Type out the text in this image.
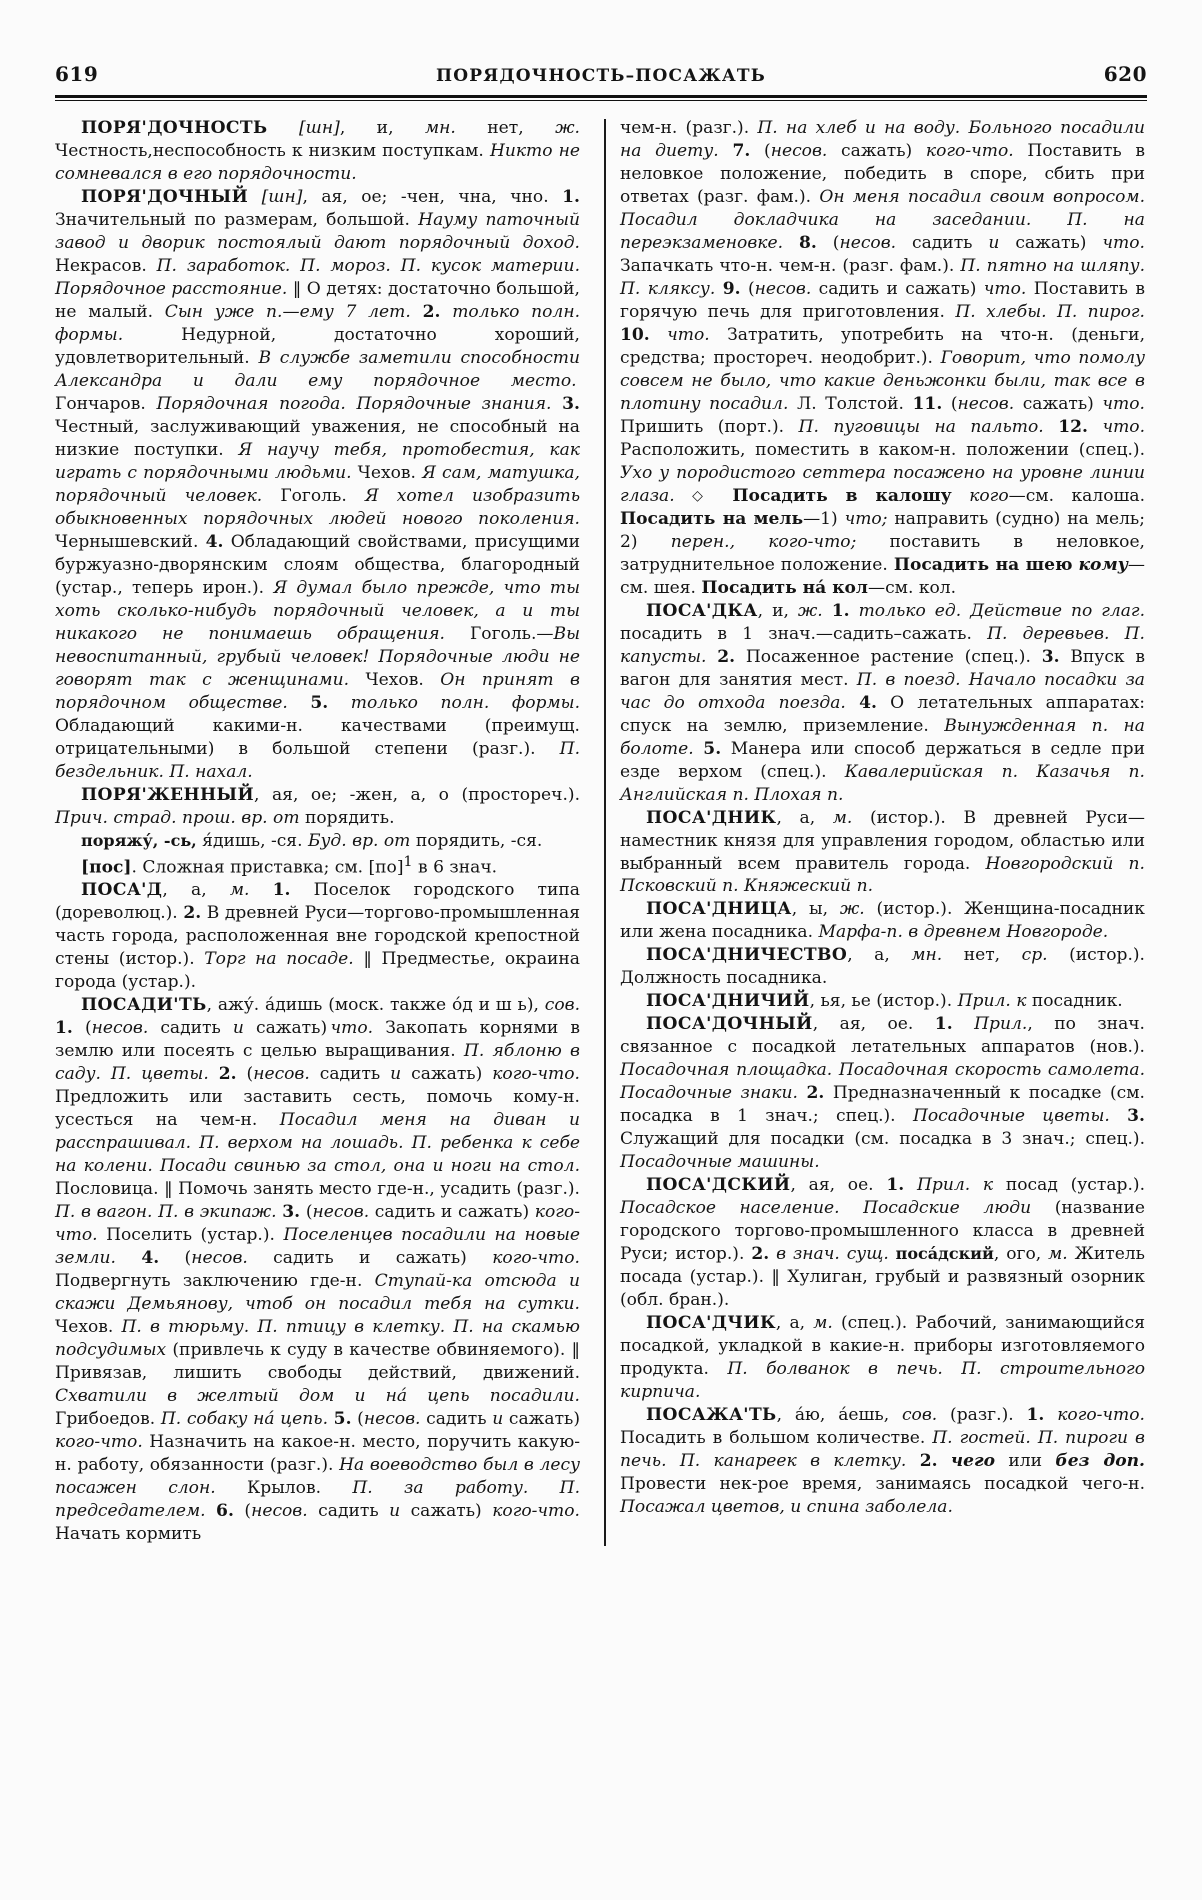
619	ПОРЯДОЧНОСТЬ–ПОСАЖАТЬ	620

ПОРЯ'ДОЧНОСТЬ [шн], и, мн. нет, ж. Честность,неспособность к низким поступкам. Никто не сомневался в его порядочности.

ПОРЯ'ДОЧНЫЙ [шн], ая, ое; -чен, чна, чно. 1. Значительный по размерам, большой. Науму паточный завод и дворик постоялый дают порядочный доход. Некрасов. П. заработок. П. мороз. П. кусок материи. Порядочное расстояние. ‖ О детях: достаточно большой, не малый. Сын уже п.—ему 7 лет. 2. только полн. формы. Недурной, достаточно хороший, удовлетворительный. В службе заметили способности Александра и дали ему порядочное место. Гончаров. Порядочная погода. Порядочные знания. 3. Честный, заслуживающий уважения, не способный на низкие поступки. Я научу тебя, протобестия, как играть с порядочными людьми. Чехов. Я сам, матушка, порядочный человек. Гоголь. Я хотел изобразить обыкновенных порядочных людей нового поколения. Чернышевский. 4. Обладающий свойствами, присущими буржуазно-дворянским слоям общества, благородный (устар., теперь ирон.). Я думал было прежде, что ты хоть сколько-нибудь порядочный человек, а и ты никакого не понимаешь обращения. Гоголь.—Вы невоспитанный, грубый человек! Порядочные люди не говорят так с женщинами. Чехов. Он принят в порядочном обществе. 5. только полн. формы. Обладающий какими-н. качествами (преимущ. отрицательными) в большой степени (разг.). П. бездельник. П. нахал.

ПОРЯ'ЖЕННЫЙ, ая, ое; -жен, а, о (простореч.). Прич. страд. прош. вр. от порядить.

поряжу́, -сь, я́дишь, -ся. Буд. вр. от порядить, -ся.

[пос]. Сложная приставка; см. [по]$^1$ в 6 знач.

ПОСА'Д, а, м. 1. Поселок городского типа (дореволюц.). 2. В древней Руси—торгово-промышленная часть города, расположенная вне городской крепостной стены (истор.). Торг на посаде. ‖ Предместье, окраина города (устар.).

ПОСАДИ'ТЬ, ажу́. а́дишь (моск. также о́д и ш ь), сов. 1. (несов. садить и сажать) что. Закопать корнями в землю или посеять с целью выращивания. П. яблоню в саду. П. цветы. 2. (несов. садить и сажать) кого-что. Предложить или заставить сесть, помочь кому-н. усесться на чем-н. Посадил меня на диван и расспрашивал. П. верхом на лошадь. П. ребенка к себе на колени. Посади свинью за стол, она и ноги на стол. Пословица. ‖ Помочь занять место где-н., усадить (разг.). П. в вагон. П. в экипаж. 3. (несов. садить и сажать) кого-что. Поселить (устар.). Поселенцев посадили на новые земли. 4. (несов. садить и сажать) кого-что. Подвергнуть заключению где-н. Ступай-ка отсюда и скажи Демьянову, чтоб он посадил тебя на сутки. Чехов. П. в тюрьму. П. птицу в клетку. П. на скамью подсудимых (привлечь к суду в качестве обвиняемого). ‖ Привязав, лишить свободы действий, движений. Схватили в желтый дом и на́ цепь посадили. Грибоедов. П. собаку на́ цепь. 5. (несов. садить и сажать) кого-что. Назначить на какое-н. место, поручить какую-н. работу, обязанности (разг.). На воеводство был в лесу посажен слон. Крылов. П. за работу. П. председателем. 6. (несов. садить и сажать) кого-что. Начать кормить

чем-н. (разг.). П. на хлеб и на воду. Больного посадили на диету. 7. (несов. сажать) кого-что. Поставить в неловкое положение, победить в споре, сбить при ответах (разг. фам.). Он меня посадил своим вопросом. Посадил докладчика на заседании. П. на переэкзаменовке. 8. (несов. садить и сажать) что. Запачкать что-н. чем-н. (разг. фам.). П. пятно на шляпу. П. кляксу. 9. (несов. садить и сажать) что. Поставить в горячую печь для приготовления. П. хлебы. П. пирог. 10. что. Затратить, употребить на что-н. (деньги, средства; простореч. неодобрит.). Говорит, что помолу совсем не было, что какие деньжонки были, так все в плотину посадил. Л. Толстой. 11. (несов. сажать) что. Пришить (порт.). П. пуговицы на пальто. 12. что. Расположить, поместить в каком-н. положении (спец.). Ухо у породистого сеттера посажено на уровне линии глаза. ◇ Посадить в калошу кого—см. калоша. Посадить на мель—1) что; направить (судно) на мель; 2) перен., кого-что; поставить в неловкое, затруднительное положение. Посадить на шею кому—см. шея. Посадить на́ кол—см. кол.

ПОСА'ДКА, и, ж. 1. только ед. Действие по глаг. посадить в 1 знач.—садить–сажать. П. деревьев. П. капусты. 2. Посаженное растение (спец.). 3. Впуск в вагон для занятия мест. П. в поезд. Начало посадки за час до отхода поезда. 4. О летательных аппаратах: спуск на землю, приземление. Вынужденная п. на болоте. 5. Манера или способ держаться в седле при езде верхом (спец.). Кавалерийская п. Казачья п. Английская п. Плохая п.

ПОСА'ДНИК, а, м. (истор.). В древней Руси—наместник князя для управления городом, областью или выбранный всем правитель города. Новгородский п. Псковский п. Княжеский п.

ПОСА'ДНИЦА, ы, ж. (истор.). Женщина-посадник или жена посадника. Марфа-п. в древнем Новгороде.

ПОСА'ДНИЧЕСТВО, а, мн. нет, ср. (истор.). Должность посадника.

ПОСА'ДНИЧИЙ, ья, ье (истор.). Прил. к посадник.

ПОСА'ДОЧНЫЙ, ая, ое. 1. Прил., по знач. связанное с посадкой летательных аппаратов (нов.). Посадочная площадка. Посадочная скорость самолета. Посадочные знаки. 2. Предназначенный к посадке (см. посадка в 1 знач.; спец.). Посадочные цветы. 3. Служащий для посадки (см. посадка в 3 знач.; спец.). Посадочные машины.

ПОСА'ДСКИЙ, ая, ое. 1. Прил. к посад (устар.). Посадское население. Посадские люди (название городского торгово-промышленного класса в древней Руси; истор.). 2. в знач. сущ. поса́дский, ого, м. Житель посада (устар.). ‖ Хулиган, грубый и развязный озорник (обл. бран.).

ПОСА'ДЧИК, а, м. (спец.). Рабочий, занимающийся посадкой, укладкой в какие-н. приборы изготовляемого продукта. П. болванок в печь. П. строительного кирпича.

ПОСАЖА'ТЬ, а́ю, а́ешь, сов. (разг.). 1. кого-что. Посадить в большом количестве. П. гостей. П. пироги в печь. П. канареек в клетку. 2. чего или без доп. Провести нек-рое время, занимаясь посадкой чего-н. Посажал цветов, и спина заболела.
